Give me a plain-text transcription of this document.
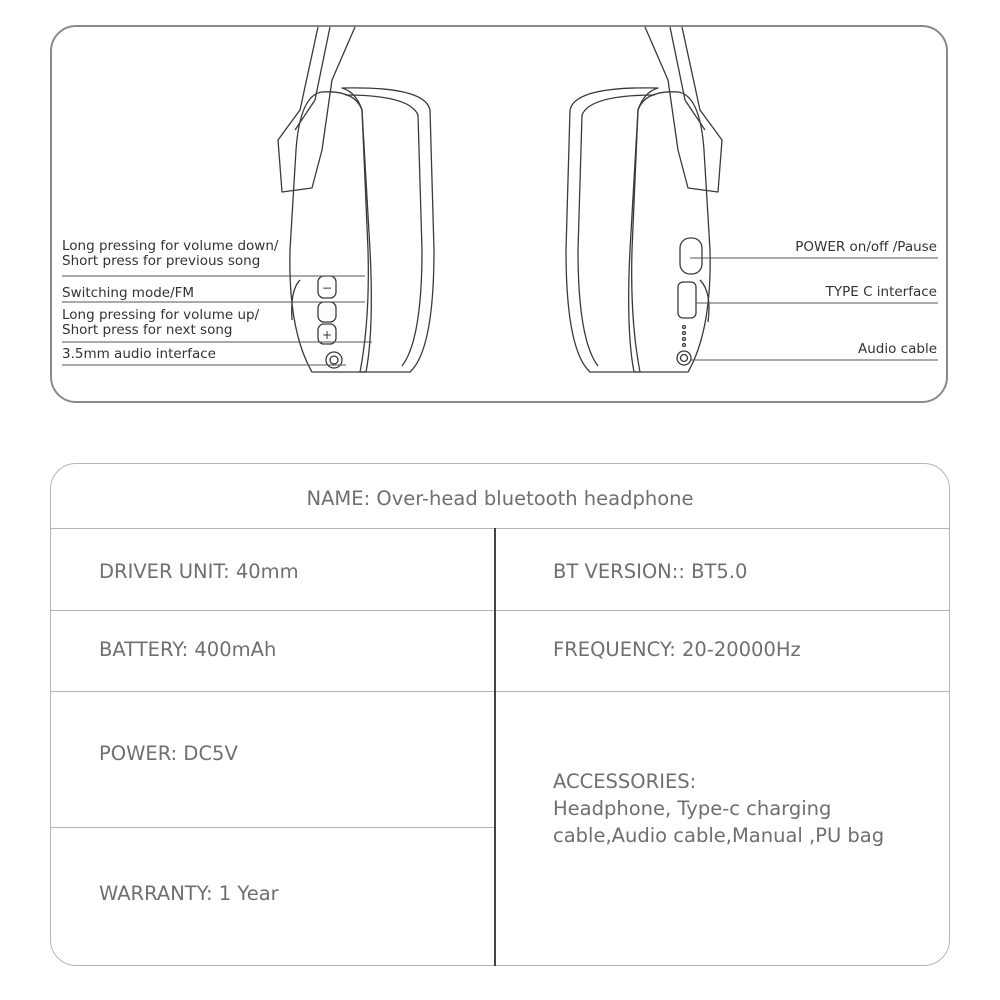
−
+
Long pressing for volume down/
Short press for previous song
Switching mode/FM
Long pressing for volume up/
Short press for next song
3.5mm audio interface
POWER on/off /Pause
TYPE C interface
Audio cable
NAME: Over-head bluetooth headphone
DRIVER UNIT: 40mm	BT VERSION:: BT5.0
BATTERY: 400mAh	FREQUENCY: 20-20000Hz
POWER: DC5V
WARRANTY: 1 Year
ACCESSORIES:
Headphone, Type-c charging cable,Audio cable,Manual ,PU bag
